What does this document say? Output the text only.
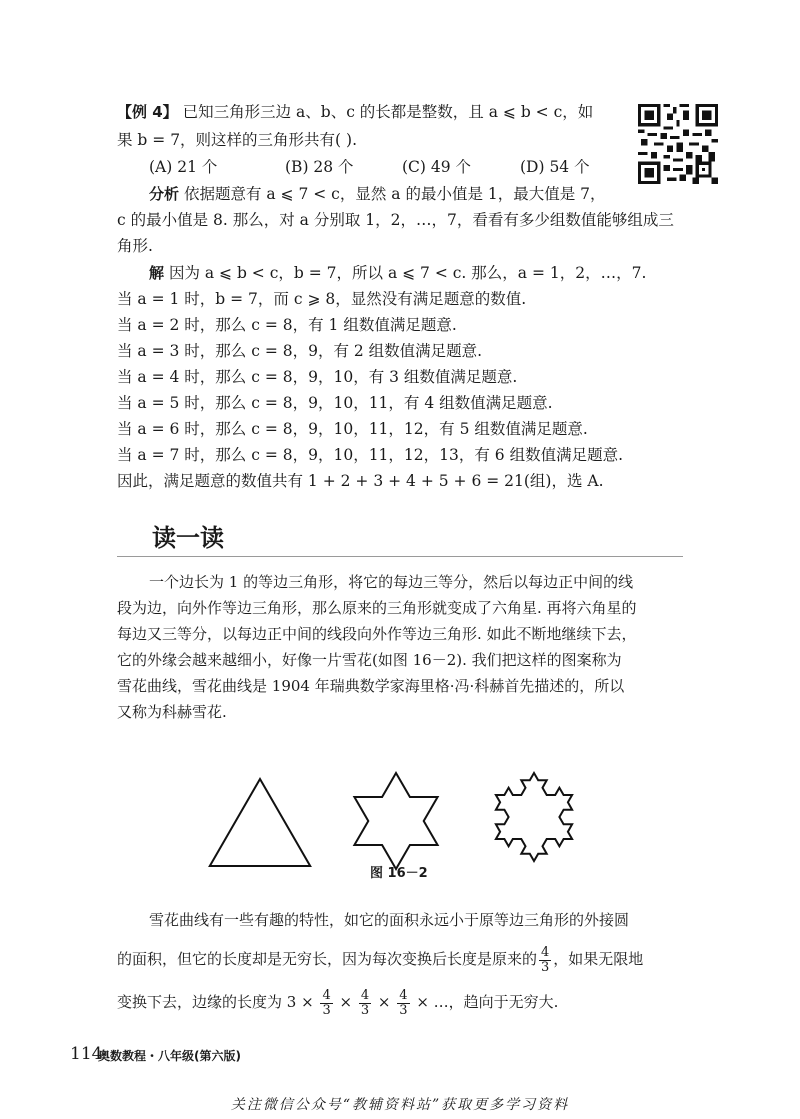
【例 4】 已知三角形三边 a、b、c 的长都是整数，且 a ⩽ b < c，如
果 b = 7，则这样的三角形共有( ).
(A) 21 个	(B) 28 个	(C) 49 个	(D) 54 个
分析 依据题意有 a ⩽ 7 < c，显然 a 的最小值是 1，最大值是 7，
c 的最小值是 8. 那么，对 a 分别取 1，2，…，7，看看有多少组数值能够组成三
角形.
解 因为 a ⩽ b < c，b = 7，所以 a ⩽ 7 < c. 那么，a = 1，2，…，7.
当 a = 1 时，b = 7，而 c ⩾ 8，显然没有满足题意的数值.
当 a = 2 时，那么 c = 8，有 1 组数值满足题意.
当 a = 3 时，那么 c = 8，9，有 2 组数值满足题意.
当 a = 4 时，那么 c = 8，9，10，有 3 组数值满足题意.
当 a = 5 时，那么 c = 8，9，10，11，有 4 组数值满足题意.
当 a = 6 时，那么 c = 8，9，10，11，12，有 5 组数值满足题意.
当 a = 7 时，那么 c = 8，9，10，11，12，13，有 6 组数值满足题意.
因此，满足题意的数值共有 1 + 2 + 3 + 4 + 5 + 6 = 21(组)，选 A.
读一读
一个边长为 1 的等边三角形，将它的每边三等分，然后以每边正中间的线
段为边，向外作等边三角形，那么原来的三角形就变成了六角星. 再将六角星的
每边又三等分，以每边正中间的线段向外作等边三角形. 如此不断地继续下去，
它的外缘会越来越细小，好像一片雪花(如图 16－2). 我们把这样的图案称为
雪花曲线，雪花曲线是 1904 年瑞典数学家海里格·冯·科赫首先描述的，所以
又称为科赫雪花.
图 16－2
雪花曲线有一些有趣的特性，如它的面积永远小于原等边三角形的外接圆
的面积，但它的长度却是无穷长，因为每次变换后长度是原来的 $\frac{4}{3}$ ，如果无限地
变换下去，边缘的长度为 $3 \times \frac{4}{3} \times \frac{4}{3} \times \frac{4}{3}$ × …，趋向于无穷大.
114
奥数教程・八年级(第六版)
关注微信公众号“教辅资料站”获取更多学习资料
